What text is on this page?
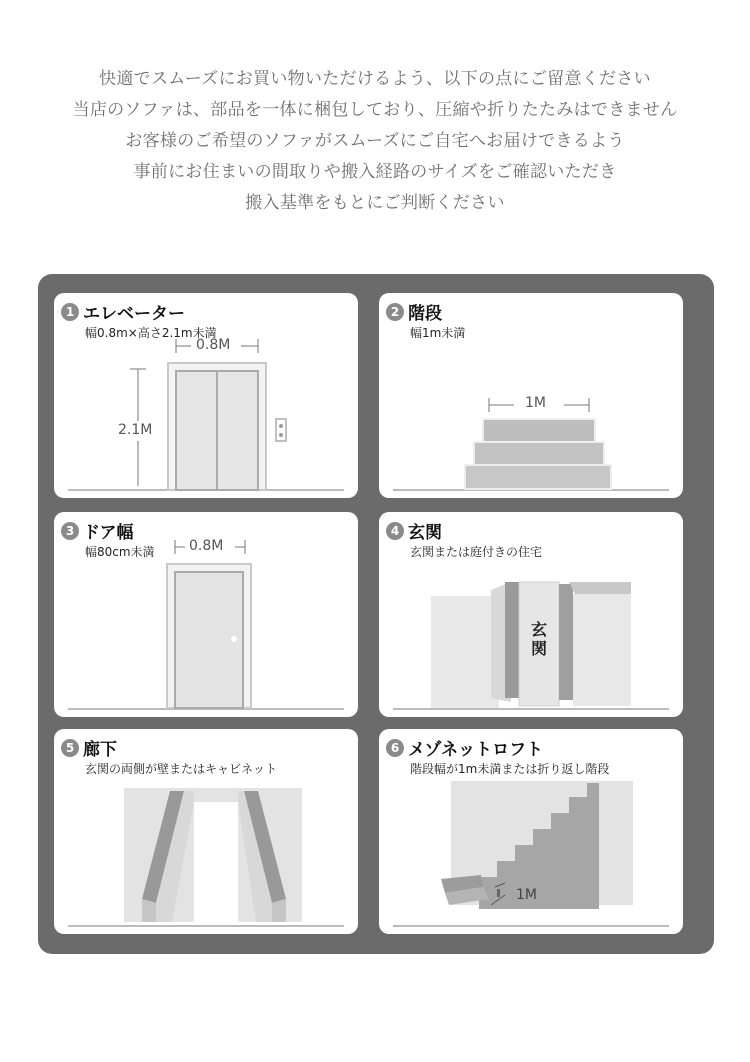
快適でスムーズにお買い物いただけるよう、以下の点にご留意ください
当店のソファは、部品を一体に梱包しており、圧縮や折りたたみはできません
お客様のご希望のソファがスムーズにご自宅へお届けできるよう
事前にお住まいの間取りや搬入経路のサイズをご確認いただき
搬入基準をもとにご判断ください
1 エレベーター
幅0.8m×高さ2.1m未満
0.8M
2.1M
2 階段
幅1m未満
1M
3 ドア幅
幅80cm未満 0.8M
4 玄関
玄関または庭付きの住宅
玄関
5 廊下
玄関の両側が壁またはキャビネット
6 メゾネットロフト
階段幅が1m未満または折り返し階段
1M
